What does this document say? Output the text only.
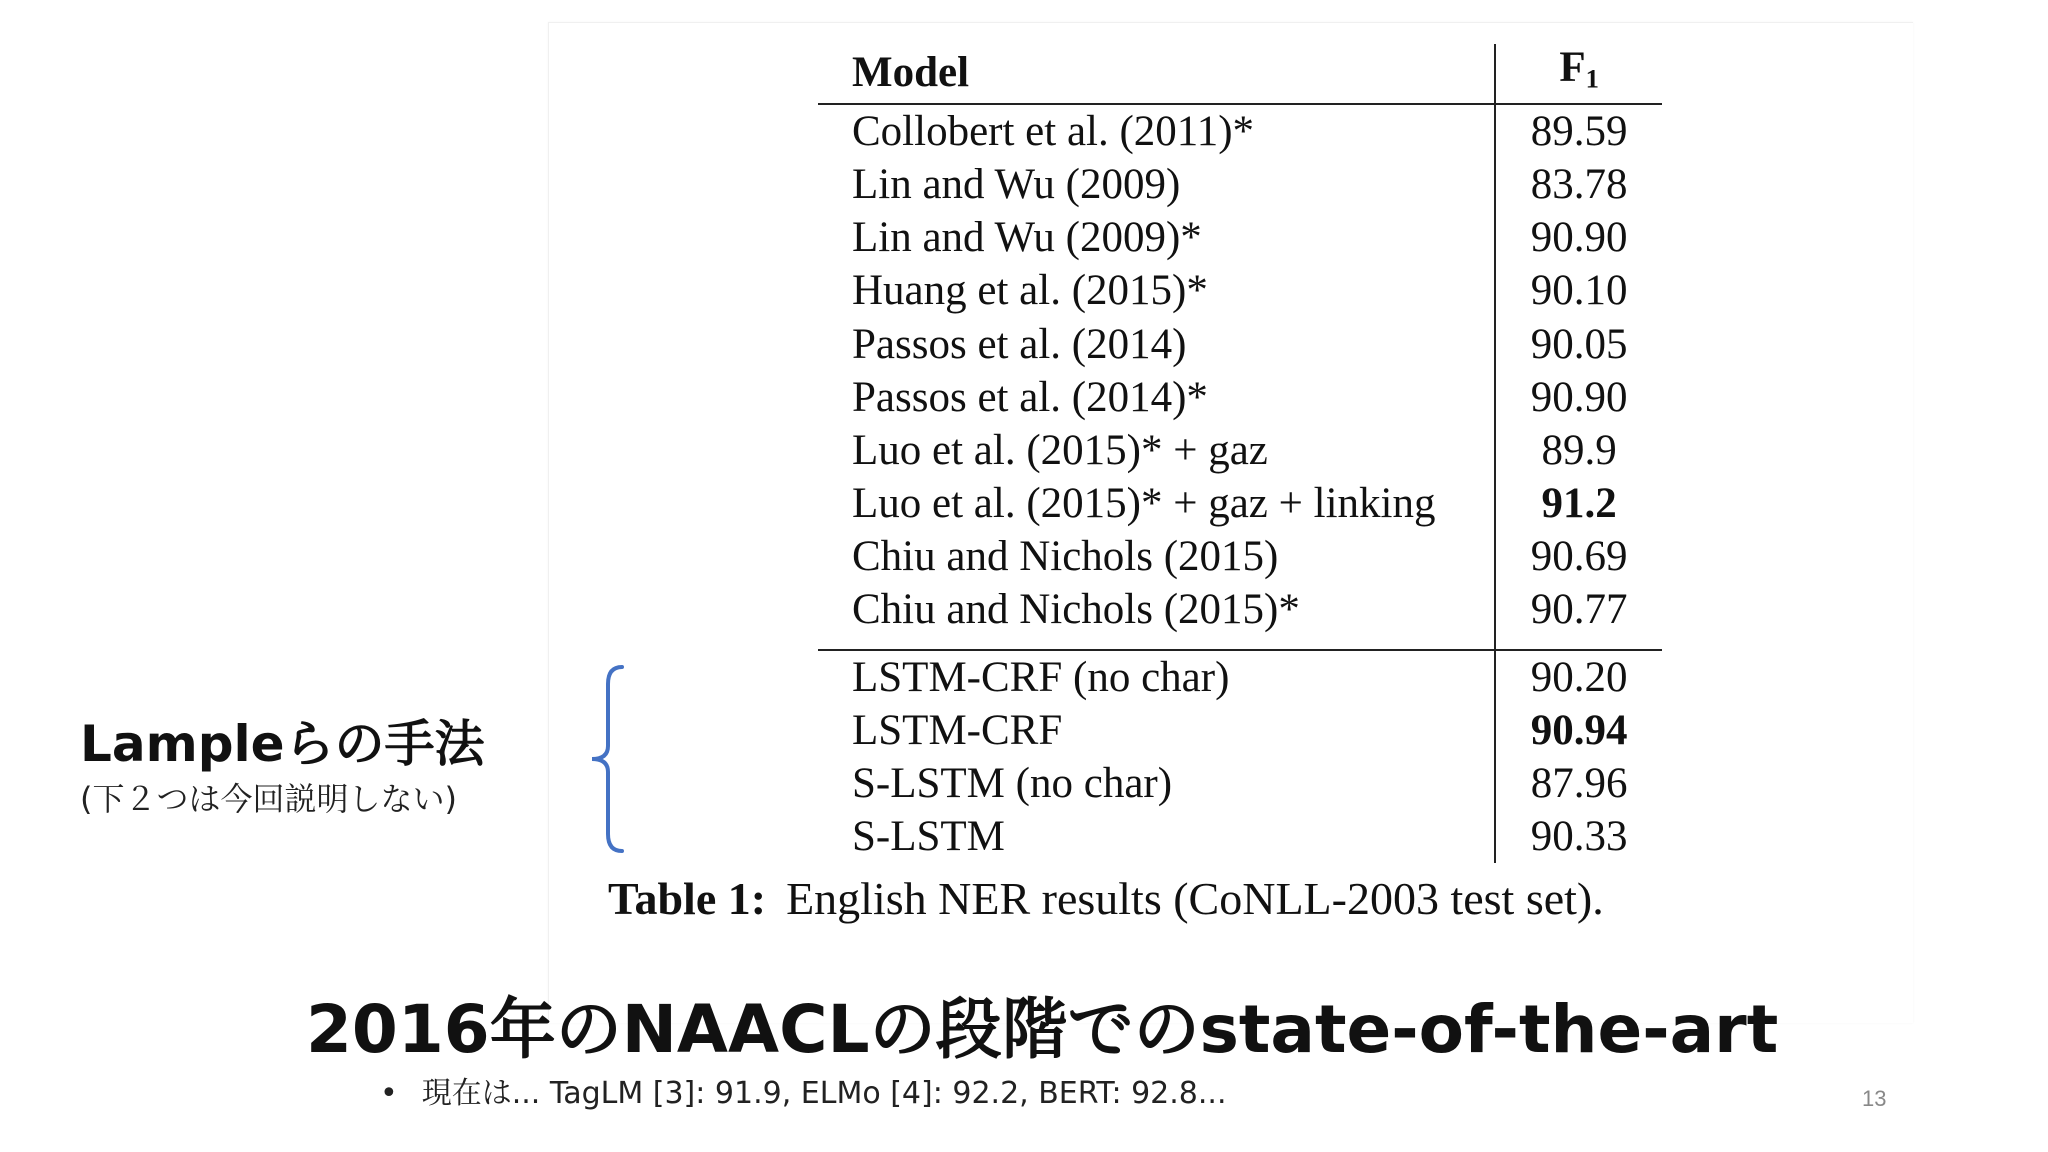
Model	$F_1$
Collobert et al. (2011)*	89.59
Lin and Wu (2009)	83.78
Lin and Wu (2009)*	90.90
Huang et al. (2015)*	90.10
Passos et al. (2014)	90.05
Passos et al. (2014)*	90.90
Luo et al. (2015)* + gaz	89.9
Luo et al. (2015)* + gaz + linking	91.2
Chiu and Nichols (2015)	90.69
Chiu and Nichols (2015)*	90.77

LSTM-CRF (no char)	90.20
LSTM-CRF	90.94
S-LSTM (no char)	87.96
S-LSTM	90.33
Table 1: English NER results (CoNLL-2003 test set).
Lampleらの手法
(下２つは今回説明しない)
2016年のNAACLの段階でのstate-of-the-art
• 現在は... TagLM [3]: 91.9, ELMo [4]: 92.2, BERT: 92.8...	13
